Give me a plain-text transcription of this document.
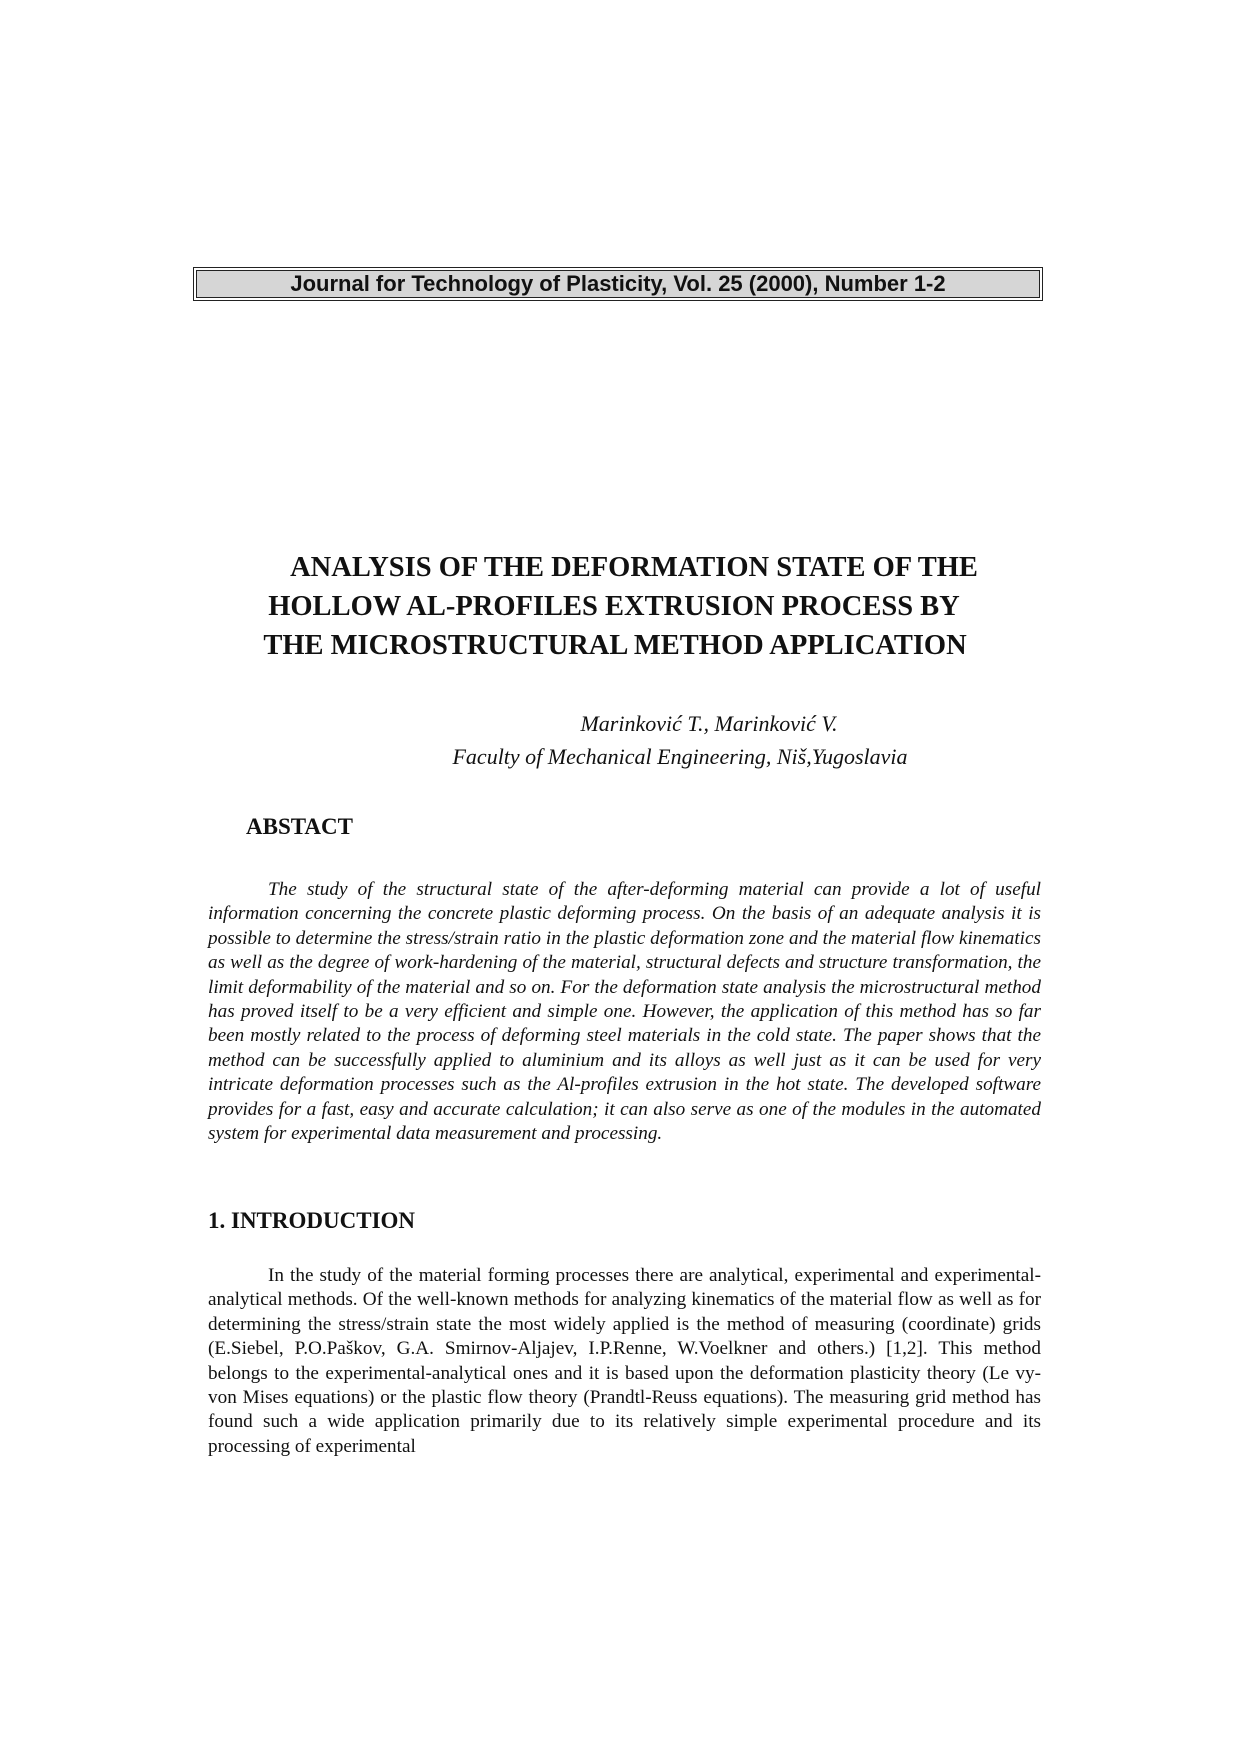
Journal for Technology of Plasticity, Vol. 25 (2000), Number 1-2
ANALYSIS OF THE DEFORMATION STATE OF THE
HOLLOW AL-PROFILES EXTRUSION PROCESS BY
THE MICROSTRUCTURAL METHOD APPLICATION
Marinković T., Marinković V.
Faculty of Mechanical Engineering, Niš,Yugoslavia
ABSTACT

The study of the structural state of the after-deforming material can provide a lot of useful information concerning the concrete plastic deforming process. On the basis of an adequate analysis it is possible to determine the stress/strain ratio in the plastic deformation zone and the material flow kinematics as well as the degree of work-hardening of the material, structural defects and structure transformation, the limit deformability of the material and so on. For the deformation state analysis the microstructural method has proved itself to be a very efficient and simple one. However, the application of this method has so far been mostly related to the process of deforming steel materials in the cold state. The paper shows that the method can be successfully applied to aluminium and its alloys as well just as it can be used for very intricate deformation processes such as the Al-profiles extrusion in the hot state. The developed software provides for a fast, easy and accurate calculation; it can also serve as one of the modules in the automated system for experimental data measurement and processing.

1. INTRODUCTION

In the study of the material forming processes there are analytical, experimental and experimental-analytical methods. Of the well-known methods for analyzing kinematics of the material flow as well as for determining the stress/strain state the most widely applied is the method of measuring (coordinate) grids (E.Siebel, P.O.Paškov, G.A. Smirnov-Aljajev, I.P.Renne, W.Voelkner and others.) [1,2]. This method belongs to the experimental-analytical ones and it is based upon the deformation plasticity theory (Le vy-von Mises equations) or the plastic flow theory (Prandtl-Reuss equations). The measuring grid method has found such a wide application primarily due to its relatively simple experimental procedure and its processing of experimental
